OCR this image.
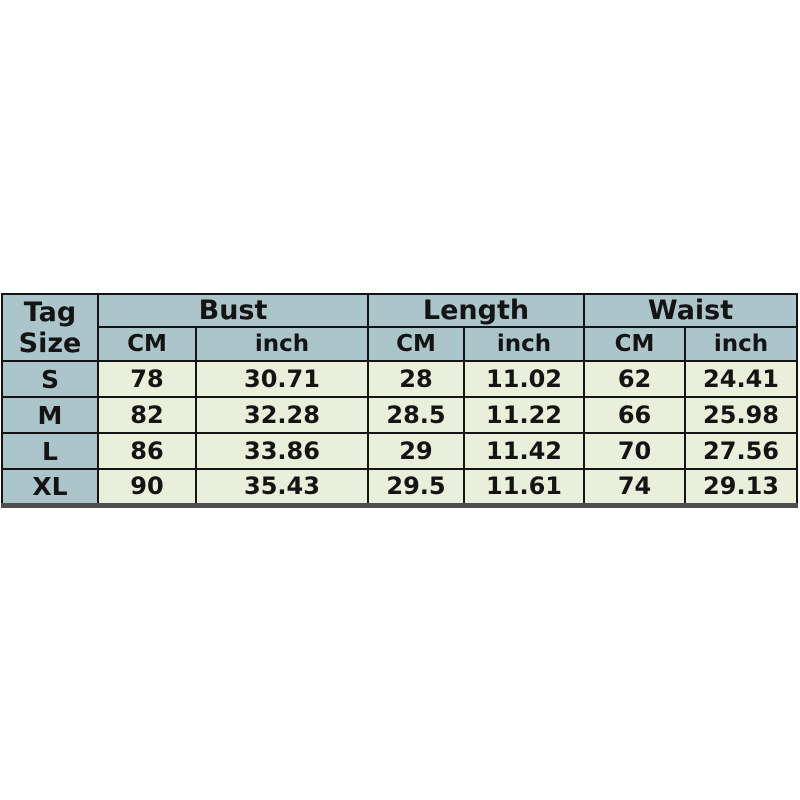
Tag
Size	Bust		Length		Waist	
	CM	inch	CM	inch	CM	inch
S	78	30.71	28	11.02	62	24.41
M	82	32.28	28.5	11.22	66	25.98
L	86	33.86	29	11.42	70	27.56
XL	90	35.43	29.5	11.61	74	29.13
